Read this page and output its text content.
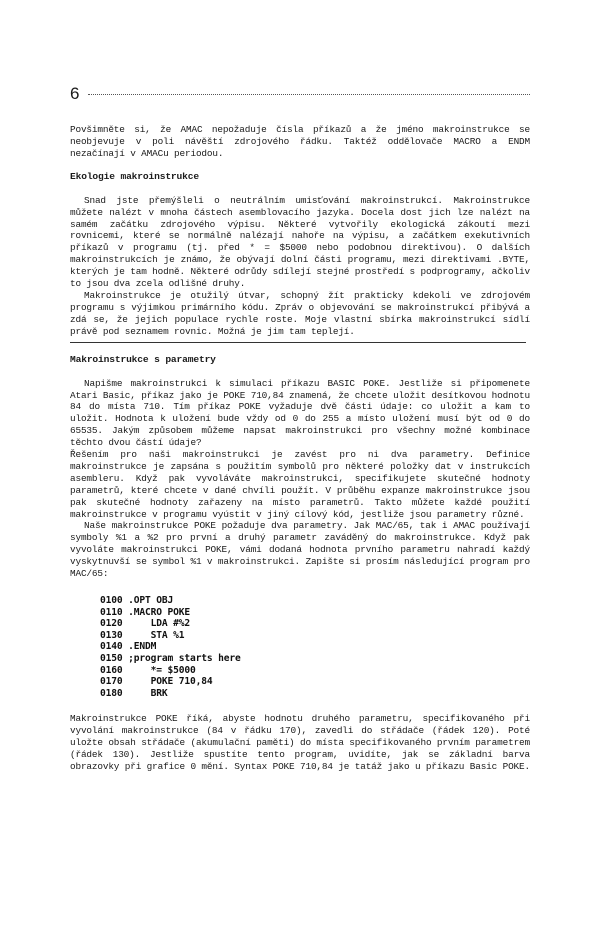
6

Povšimněte si, že AMAC nepožaduje čísla příkazů a že jméno makroinstrukce se neobjevuje v poli návěští zdrojového řádku. Taktéž oddělovače MACRO a ENDM nezačínají v AMACu periodou.

Ekologie makroinstrukce

Snad jste přemýšleli o neutrálním umisťování makroinstrukcí. Makroinstrukce můžete nalézt v mnoha částech asemblovacího jazyka. Docela dost jich lze nalézt na samém začátku zdrojového výpisu. Některé vytvořily ekologická zákoutí mezi rovnicemi, které se normálně nalézají nahoře na výpisu, a začátkem exekutivních příkazů v programu (tj. před * = $5000 nebo podobnou direktivou). O dalších makroinstrukcích je známo, že obývají dolní části programu, mezi direktivami .BYTE, kterých je tam hodně. Některé odrůdy sdílejí stejné prostředí s podprogramy, ačkoliv to jsou dva zcela odlišné druhy.

Makroinstrukce je otužilý útvar, schopný žít prakticky kdekoli ve zdrojovém programu s výjimkou primárního kódu. Zpráv o objevování se makroinstrukcí přibývá a zdá se, že jejich populace rychle roste. Moje vlastní sbírka makroinstrukcí sídlí právě pod seznamem rovnic. Možná je jim tam teplejí.

Makroinstrukce s parametry

Napišme makroinstrukci k simulaci příkazu BASIC POKE. Jestliže si připomenete Atari Basic, příkaz jako je POKE 710,84 znamená, že chcete uložit desítkovou hodnotu 84 do místa 710. Tím příkaz POKE vyžaduje dvě části údaje: co uložit a kam to uložit. Hodnota k uložení bude vždy od 0 do 255 a místo uložení musí být od 0 do 65535. Jakým způsobem můžeme napsat makroinstrukci pro všechny možné kombinace těchto dvou částí údaje?

Řešením pro naši makroinstrukci je zavést pro ni dva parametry. Definice makroinstrukce je zapsána s použitím symbolů pro některé položky dat v instrukcích asembleru. Když pak vyvoláváte makroinstrukci, specifikujete skutečné hodnoty parametrů, které chcete v dané chvíli použít. V průběhu expanze makroinstrukce jsou pak skutečné hodnoty zařazeny na místo parametrů. Takto můžete každé použití makroinstrukce v programu vyústit v jiný cílový kód, jestliže jsou parametry různé.

Naše makroinstrukce POKE požaduje dva parametry. Jak MAC/65, tak i AMAC používají symboly %1 a %2 pro první a druhý parametr zaváděný do makroinstrukce. Když pak vyvoláte makroinstrukci POKE, vámi dodaná hodnota prvního parametru nahradí každý vyskytnuvší se symbol %1 v makroinstrukci. Zapište si prosím následující program pro MAC/65:

0100 .OPT OBJ
0110 .MACRO POKE
0120     LDA #%2
0130     STA %1
0140 .ENDM
0150 ;program starts here
0160     *= $5000
0170     POKE 710,84
0180     BRK

Makroinstrukce POKE říká, abyste hodnotu druhého parametru, specifikovaného při vyvolání makroinstrukce (84 v řádku 170), zavedli do střádače (řádek 120). Poté uložte obsah střádače (akumulační paměti) do místa specifikovaného prvním parametrem (řádek 130). Jestliže spustíte tento program, uvidíte, jak se základní barva obrazovky při grafice 0 mění. Syntax POKE 710,84 je tatáž jako u příkazu Basic POKE.
